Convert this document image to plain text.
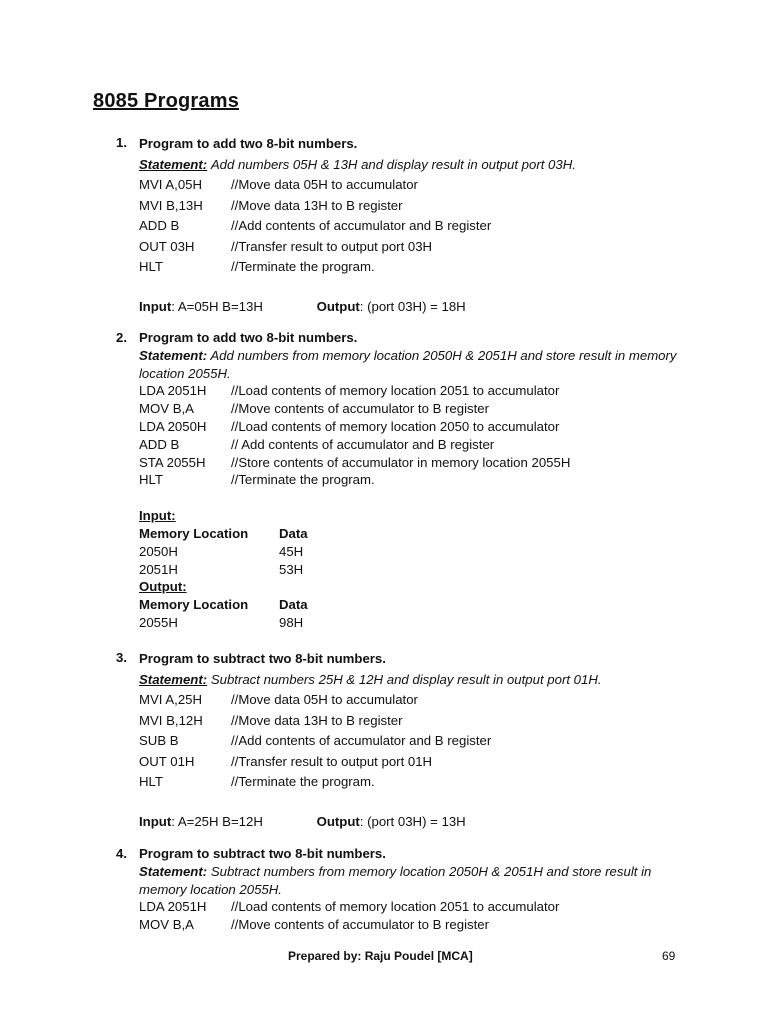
8085 Programs
1. Program to add two 8-bit numbers.
Statement: Add numbers 05H & 13H and display result in output port 03H.
MVI A,05H	//Move data 05H to accumulator
MVI B,13H	//Move data 13H to B register
ADD B	//Add contents of accumulator and B register
OUT 03H	//Transfer result to output port 03H
HLT	//Terminate the program.
Input: A=05H B=13H	Output: (port 03H) = 18H
2. Program to add two 8-bit numbers.
Statement: Add numbers from memory location 2050H & 2051H and store result in memory location 2055H.
LDA 2051H	//Load contents of memory location 2051 to accumulator
MOV B,A	//Move contents of accumulator to B register
LDA 2050H	//Load contents of memory location 2050 to accumulator
ADD B	// Add contents of accumulator and B register
STA 2055H	//Store contents of accumulator in memory location 2055H
HLT	//Terminate the program.
Input:
Memory Location	Data
2050H	45H
2051H	53H
Output:
Memory Location	Data
2055H	98H
3. Program to subtract two 8-bit numbers.
Statement: Subtract numbers 25H & 12H and display result in output port 01H.
MVI A,25H	//Move data 05H to accumulator
MVI B,12H	//Move data 13H to B register
SUB B	//Add contents of accumulator and B register
OUT 01H	//Transfer result to output port 01H
HLT	//Terminate the program.
Input: A=25H B=12H	Output: (port 03H) = 13H
4. Program to subtract two 8-bit numbers.
Statement: Subtract numbers from memory location 2050H & 2051H and store result in memory location 2055H.
LDA 2051H	//Load contents of memory location 2051 to accumulator
MOV B,A	//Move contents of accumulator to B register
Prepared by: Raju Poudel [MCA]	69
